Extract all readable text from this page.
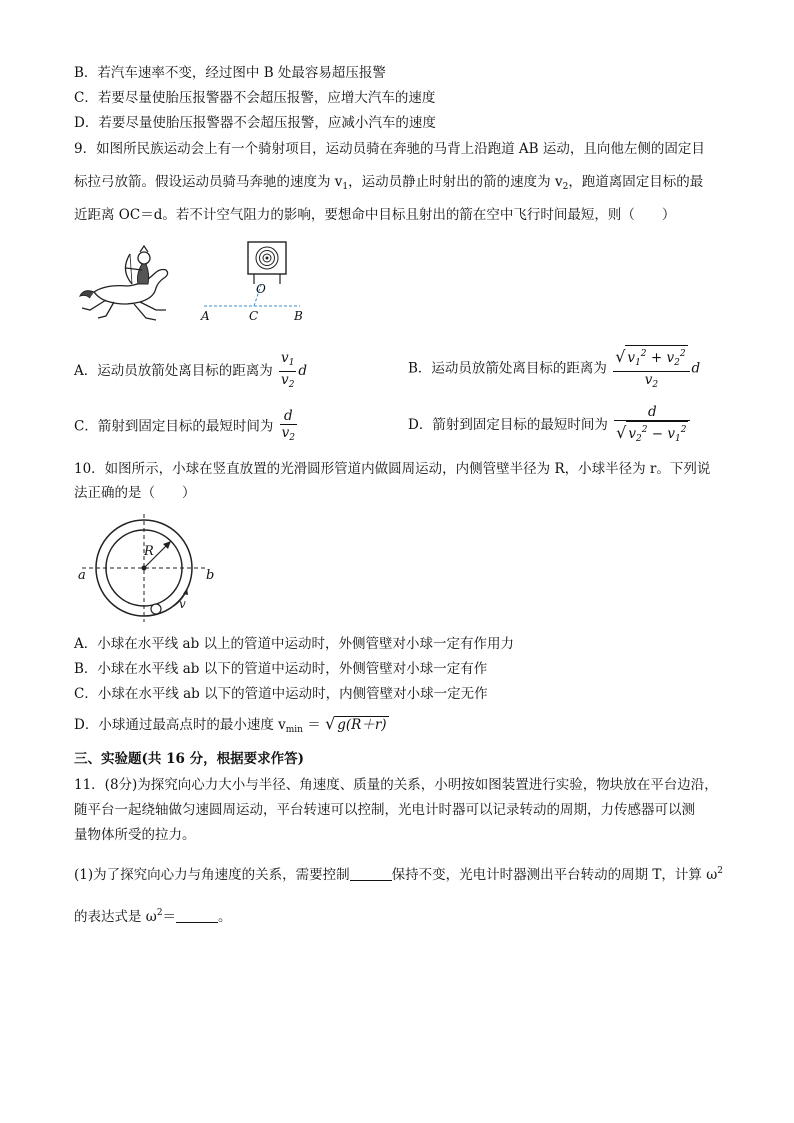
B．若汽车速率不变，经过图中 B 处最容易超压报警
C．若要尽量使胎压报警器不会超压报警，应增大汽车的速度
D．若要尽量使胎压报警器不会超压报警，应减小汽车的速度
9．如图所民族运动会上有一个骑射项目，运动员骑在奔驰的马背上沿跑道 AB 运动，且向他左侧的固定目
标拉弓放箭。假设运动员骑马奔驰的速度为 $v_1$，运动员静止时射出的箭的速度为 $v_2$，跑道离固定目标的最
近距离 OC＝d。若不计空气阻力的影响，要想命中目标且射出的箭在空中飞行时间最短，则（　　）
O
A	C	B
A．运动员放箭处离目标的距离为 $\frac{v_1}{v_2}$ d	B．运动员放箭处离目标的距离为 $\frac{√ v_1^2 + v_2^2}{v_2}$ d
C．箭射到固定目标的最短时间为 $\frac{d}{v_2}$	D．箭射到固定目标的最短时间为 $\frac{d}{√ v_2^2 - v_1^2}$
10．如图所示，小球在竖直放置的光滑圆形管道内做圆周运动，内侧管壁半径为 R，小球半径为 r。下列说
法正确的是（　　）
R
a	b
v
A．小球在水平线 ab 以上的管道中运动时，外侧管壁对小球一定有作用力
B．小球在水平线 ab 以下的管道中运动时，外侧管壁对小球一定有作
C．小球在水平线 ab 以下的管道中运动时，内侧管壁对小球一定无作
D．小球通过最高点时的最小速度 $v_{min}$ ＝ √ g(R＋r)
三、实验题(共 16 分，根据要求作答)
11．(8分)为探究向心力大小与半径、角速度、质量的关系，小明按如图装置进行实验，物块放在平台边沿，
随平台一起绕轴做匀速圆周运动，平台转速可以控制，光电计时器可以记录转动的周期，力传感器可以测
量物体所受的拉力。
(1)为了探究向心力与角速度的关系，需要控制	保持不变，光电计时器测出平台转动的周期 T，计算 $\omega^2$
的表达式是 $\omega^2=$	。
